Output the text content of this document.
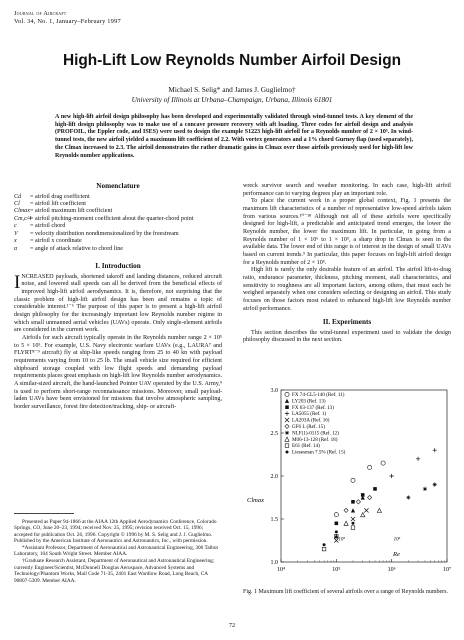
Journal of Aircraft
Vol. 34, No. 1, January–February 1997
High-Lift Low Reynolds Number Airfoil Design
Michael S. Selig* and James J. Guglielmo†
University of Illinois at Urbana–Champaign, Urbana, Illinois 61801
A new high-lift airfoil design philosophy has been developed and experimentally validated through wind-tunnel tests. A key element of the high-lift design philosophy was to make use of a concave pressure recovery with aft loading. Three codes for airfoil design and analysis (PROFOIL, the Eppler code, and ISES) were used to design the example S1223 high-lift airfoil for a Reynolds number of 2 × 10⁵. In wind-tunnel tests, the new airfoil yielded a maximum lift coefficient of 2.2. With vortex generators and a 1% chord Gurney flap (used separately), the Clmax increased to 2.3. The airfoil demonstrates the rather dramatic gains in Clmax over those airfoils previously used for high-lift low Reynolds number applications.
Nomenclature
Cd	= airfoil drag coefficient
Cl	= airfoil lift coefficient
Clmax = airfoil maximum lift coefficient
Cm,c/4
= airfoil pitching-moment coefficient about the quarter-chord point
c	= airfoil chord
V	= velocity distribution nondimensionalized by the freestream
x	= airfoil x coordinate
α	= angle of attack relative to chord line
I. Introduction
I NCREASED payloads, shortened takeoff and landing distances, reduced aircraft noise, and lowered stall speeds can all be derived from the beneficial effects of improved high-lift airfoil aerodynamics. It is, therefore, not surprising that the classic problem of high-lift airfoil design has been and remains a topic of considerable interest.¹⁻⁶ The purpose of this paper is to present a high-lift airfoil design philosophy for the increasingly important low Reynolds number regime in which small unmanned aerial vehicles (UAVs) operate. Only single-element airfoils are considered in the current work.

Airfoils for such aircraft typically operate in the Reynolds number range 2 × 10⁵ to 5 × 10⁵. For example, U.S. Navy electronic warfare UAVs (e.g., LAURA⁷ and FLYRT⁸⁻⁹ aircraft) fly at ship-like speeds ranging from 25 to 40 kn with payload requirements varying from 10 to 25 lb. The small vehicle size required for efficient shipboard storage coupled with low flight speeds and demanding payload requirements places great emphasis on high-lift low Reynolds number aerodynamics. A similar-sized aircraft, the hand-launched Pointer UAV operated by the U.S. Army,⁹ is used to perform short-range reconnaissance missions. Moreover, small payload-laden UAVs have been envisioned for missions that involve atmospheric sampling, border surveillance, forest fire detection/tracking, ship- or aircraft-

Presented as Paper 94-1866 at the AIAA 12th Applied Aerodynamics Conference, Colorado Springs, CO, June 20–23, 1994; received Nov. 25, 1995; revision received Oct. 15, 1996; accepted for publication Oct. 26, 1996. Copyright © 1996 by M. S. Selig and J. J. Guglielmo. Published by the American Institute of Aeronautics and Astronautics, Inc., with permission.

*Assistant Professor, Department of Aeronautical and Astronautical Engineering, 306 Talbot Laboratory, 104 South Wright Street. Member AIAA.

†Graduate Research Assistant, Department of Aeronautical and Astronautical Engineering; currently Engineer/Scientist, McDonnell Douglas Aerospace, Advanced Systems and Technology/Phantom Works, Mail Code 71-35, 2401 East Wardlow Road, Long Beach, CA 90807-5309. Member AIAA.

wreck survivor search and weather monitoring. In each case, high-lift airfoil performance can to varying degrees play an important role.

To place the current work in a proper global context, Fig. 1 presents the maximum lift characteristics of a number of representative low-speed airfoils taken from various sources.¹⁰⁻¹⁸ Although not all of these airfoils were specifically designed for high-lift, a predictable and anticipated trend emerges, the lower the Reynolds number, the lower the maximum lift. In particular, in going from a Reynolds number of 1 × 10⁶ to 1 × 10⁵, a sharp drop in Clmax is seen in the available data. The lower end of this range is of interest in the design of small UAVs based on current trends.⁹ In particular, this paper focuses on high-lift airfoil design for a Reynolds number of 2 × 10⁵.

High lift is rarely the only desirable feature of an airfoil. The airfoil lift-to-drag ratio, endurance parameter, thickness, pitching moment, stall characteristics, and sensitivity to roughness are all important factors, among others, that must each be weighed separately when one considers selecting or designing an airfoil. This study focuses on those factors most related to enhanced high-lift low Reynolds number airfoil performance.

II. Experiments

This section describes the wind-tunnel experiment used to validate the design philosophy discussed in the next section.

1.0
1.5
2.0
2.5
3.0
10⁴	10⁵	10⁶	10⁷
Clmax
Re
10⁵	10⁶
FX 74-CL5-140 (Ref. 11)
LY203 (Ref. 13)
FX 63-137 (Ref. 13)
LA5055 (Ref. 1)
LA203A (Ref. 16)
GF6 L (Ref. 15)
NLF(1)-0115 (Ref. 12)
M06-13-128 (Ref. 18)
E61 (Ref. 14)
Liesesman 7.5% (Ref. 15)
Fig. 1 Maximum lift coefficient of several airfoils over a range of Reynolds numbers.
72
